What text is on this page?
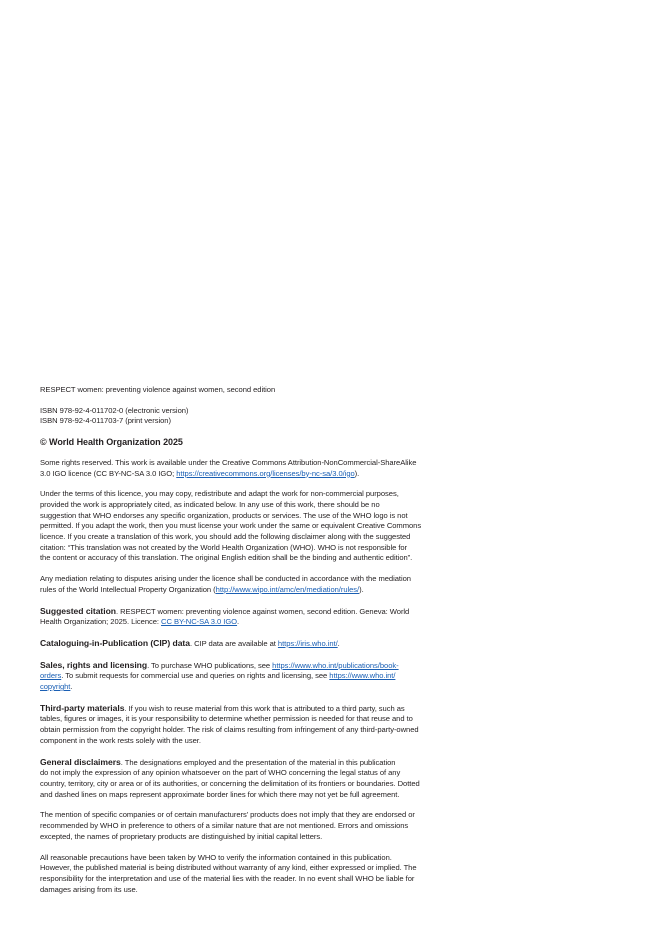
RESPECT women: preventing violence against women, second edition
ISBN 978-92-4-011702-0 (electronic version)
ISBN 978-92-4-011703-7 (print version)
© World Health Organization 2025
Some rights reserved. This work is available under the Creative Commons Attribution-NonCommercial-ShareAlike
3.0 IGO licence (CC BY-NC-SA 3.0 IGO; https://creativecommons.org/licenses/by-nc-sa/3.0/igo).
Under the terms of this licence, you may copy, redistribute and adapt the work for non-commercial purposes,
provided the work is appropriately cited, as indicated below. In any use of this work, there should be no
suggestion that WHO endorses any specific organization, products or services. The use of the WHO logo is not
permitted. If you adapt the work, then you must license your work under the same or equivalent Creative Commons
licence. If you create a translation of this work, you should add the following disclaimer along with the suggested
citation: “This translation was not created by the World Health Organization (WHO). WHO is not responsible for
the content or accuracy of this translation. The original English edition shall be the binding and authentic edition”.
Any mediation relating to disputes arising under the licence shall be conducted in accordance with the mediation
rules of the World Intellectual Property Organization (http://www.wipo.int/amc/en/mediation/rules/).
Suggested citation. RESPECT women: preventing violence against women, second edition. Geneva: World
Health Organization; 2025. Licence: CC BY-NC-SA 3.0 IGO.
Cataloguing-in-Publication (CIP) data. CIP data are available at https://iris.who.int/.
Sales, rights and licensing. To purchase WHO publications, see https://www.who.int/publications/book-
orders. To submit requests for commercial use and queries on rights and licensing, see https://www.who.int/
copyright.
Third-party materials. If you wish to reuse material from this work that is attributed to a third party, such as
tables, figures or images, it is your responsibility to determine whether permission is needed for that reuse and to
obtain permission from the copyright holder. The risk of claims resulting from infringement of any third-party-owned
component in the work rests solely with the user.
General disclaimers. The designations employed and the presentation of the material in this publication
do not imply the expression of any opinion whatsoever on the part of WHO concerning the legal status of any
country, territory, city or area or of its authorities, or concerning the delimitation of its frontiers or boundaries. Dotted
and dashed lines on maps represent approximate border lines for which there may not yet be full agreement.
The mention of specific companies or of certain manufacturers’ products does not imply that they are endorsed or
recommended by WHO in preference to others of a similar nature that are not mentioned. Errors and omissions
excepted, the names of proprietary products are distinguished by initial capital letters.
All reasonable precautions have been taken by WHO to verify the information contained in this publication.
However, the published material is being distributed without warranty of any kind, either expressed or implied. The
responsibility for the interpretation and use of the material lies with the reader. In no event shall WHO be liable for
damages arising from its use.
